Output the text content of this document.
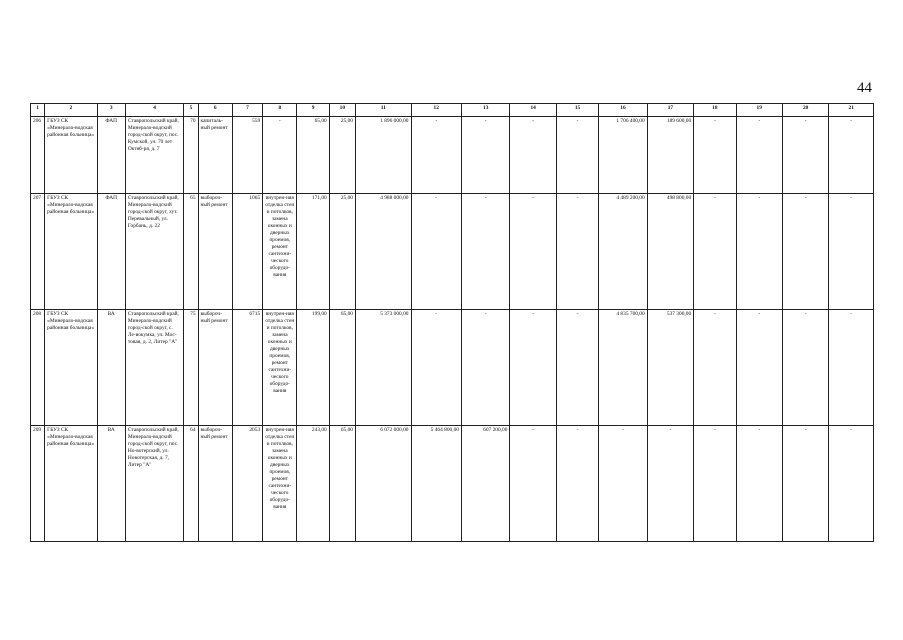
44
1	2	3	4	5	6	7	8	9	10	11	12	13	14	15	16	17	18	19	20	21
206	ГБУЗ СК «Минерало-водская районная больница»	ФАП	Ставропольский край, Минерало-водский город-ской округ, пос. Кумской, ул. 70 лет Октяб-ря, д. 7	70	капиталь-ный ремонт	559	-	65,00	25,00	1 896 000,00	-	-	-	-	1 706 400,00	189 600,00	-	-	-	-
207	ГБУЗ СК «Минерало-водская районная больница»	ФАП	Ставропольский край, Минерало-водский город-ской округ, хут. Перевальный, ул. Горбань, д. 22	65	выбороч-ный ремонт	1065	внутрен-няя отделка стен и потолков, замена оконных и дверных проемов, ремонт сантехни-ческого оборудо-вания	171,00	25,00	4 988 000,00	-	-	-	-	4 489 200,00	498 800,00	-	-	-	-
208	ГБУЗ СК «Минерало-водская районная больница»	ВА	Ставропольский край, Минерало-водский город-ской округ, с. Ле-вокумка, ул. Мос-товая, д. 2, Литер "А"	75	выбороч-ный ремонт	6715	внутрен-няя отделка стен и потолков, замена оконных и дверных проемов, ремонт сантехни-ческого оборудо-вания	199,00	65,00	5 373 000,00	-	-	-	-	4 835 700,00	537 300,00	-	-	-	-
209	ГБУЗ СК «Минерало-водская районная больница»	ВА	Ставропольский край, Минерало-водский город-ской округ, пос. Но-вотерский, ул. Новотерская, д. 7, Литер "А"	64	выбороч-ный ремонт	2053	внутрен-няя отделка стен и потолков, замена оконных и дверных проемов, ремонт сантехни-ческого оборудо-вания	243,00	65,00	6 072 000,00	5 464 800,00	607 200,00	-	-	-	-	-	-	-	-
